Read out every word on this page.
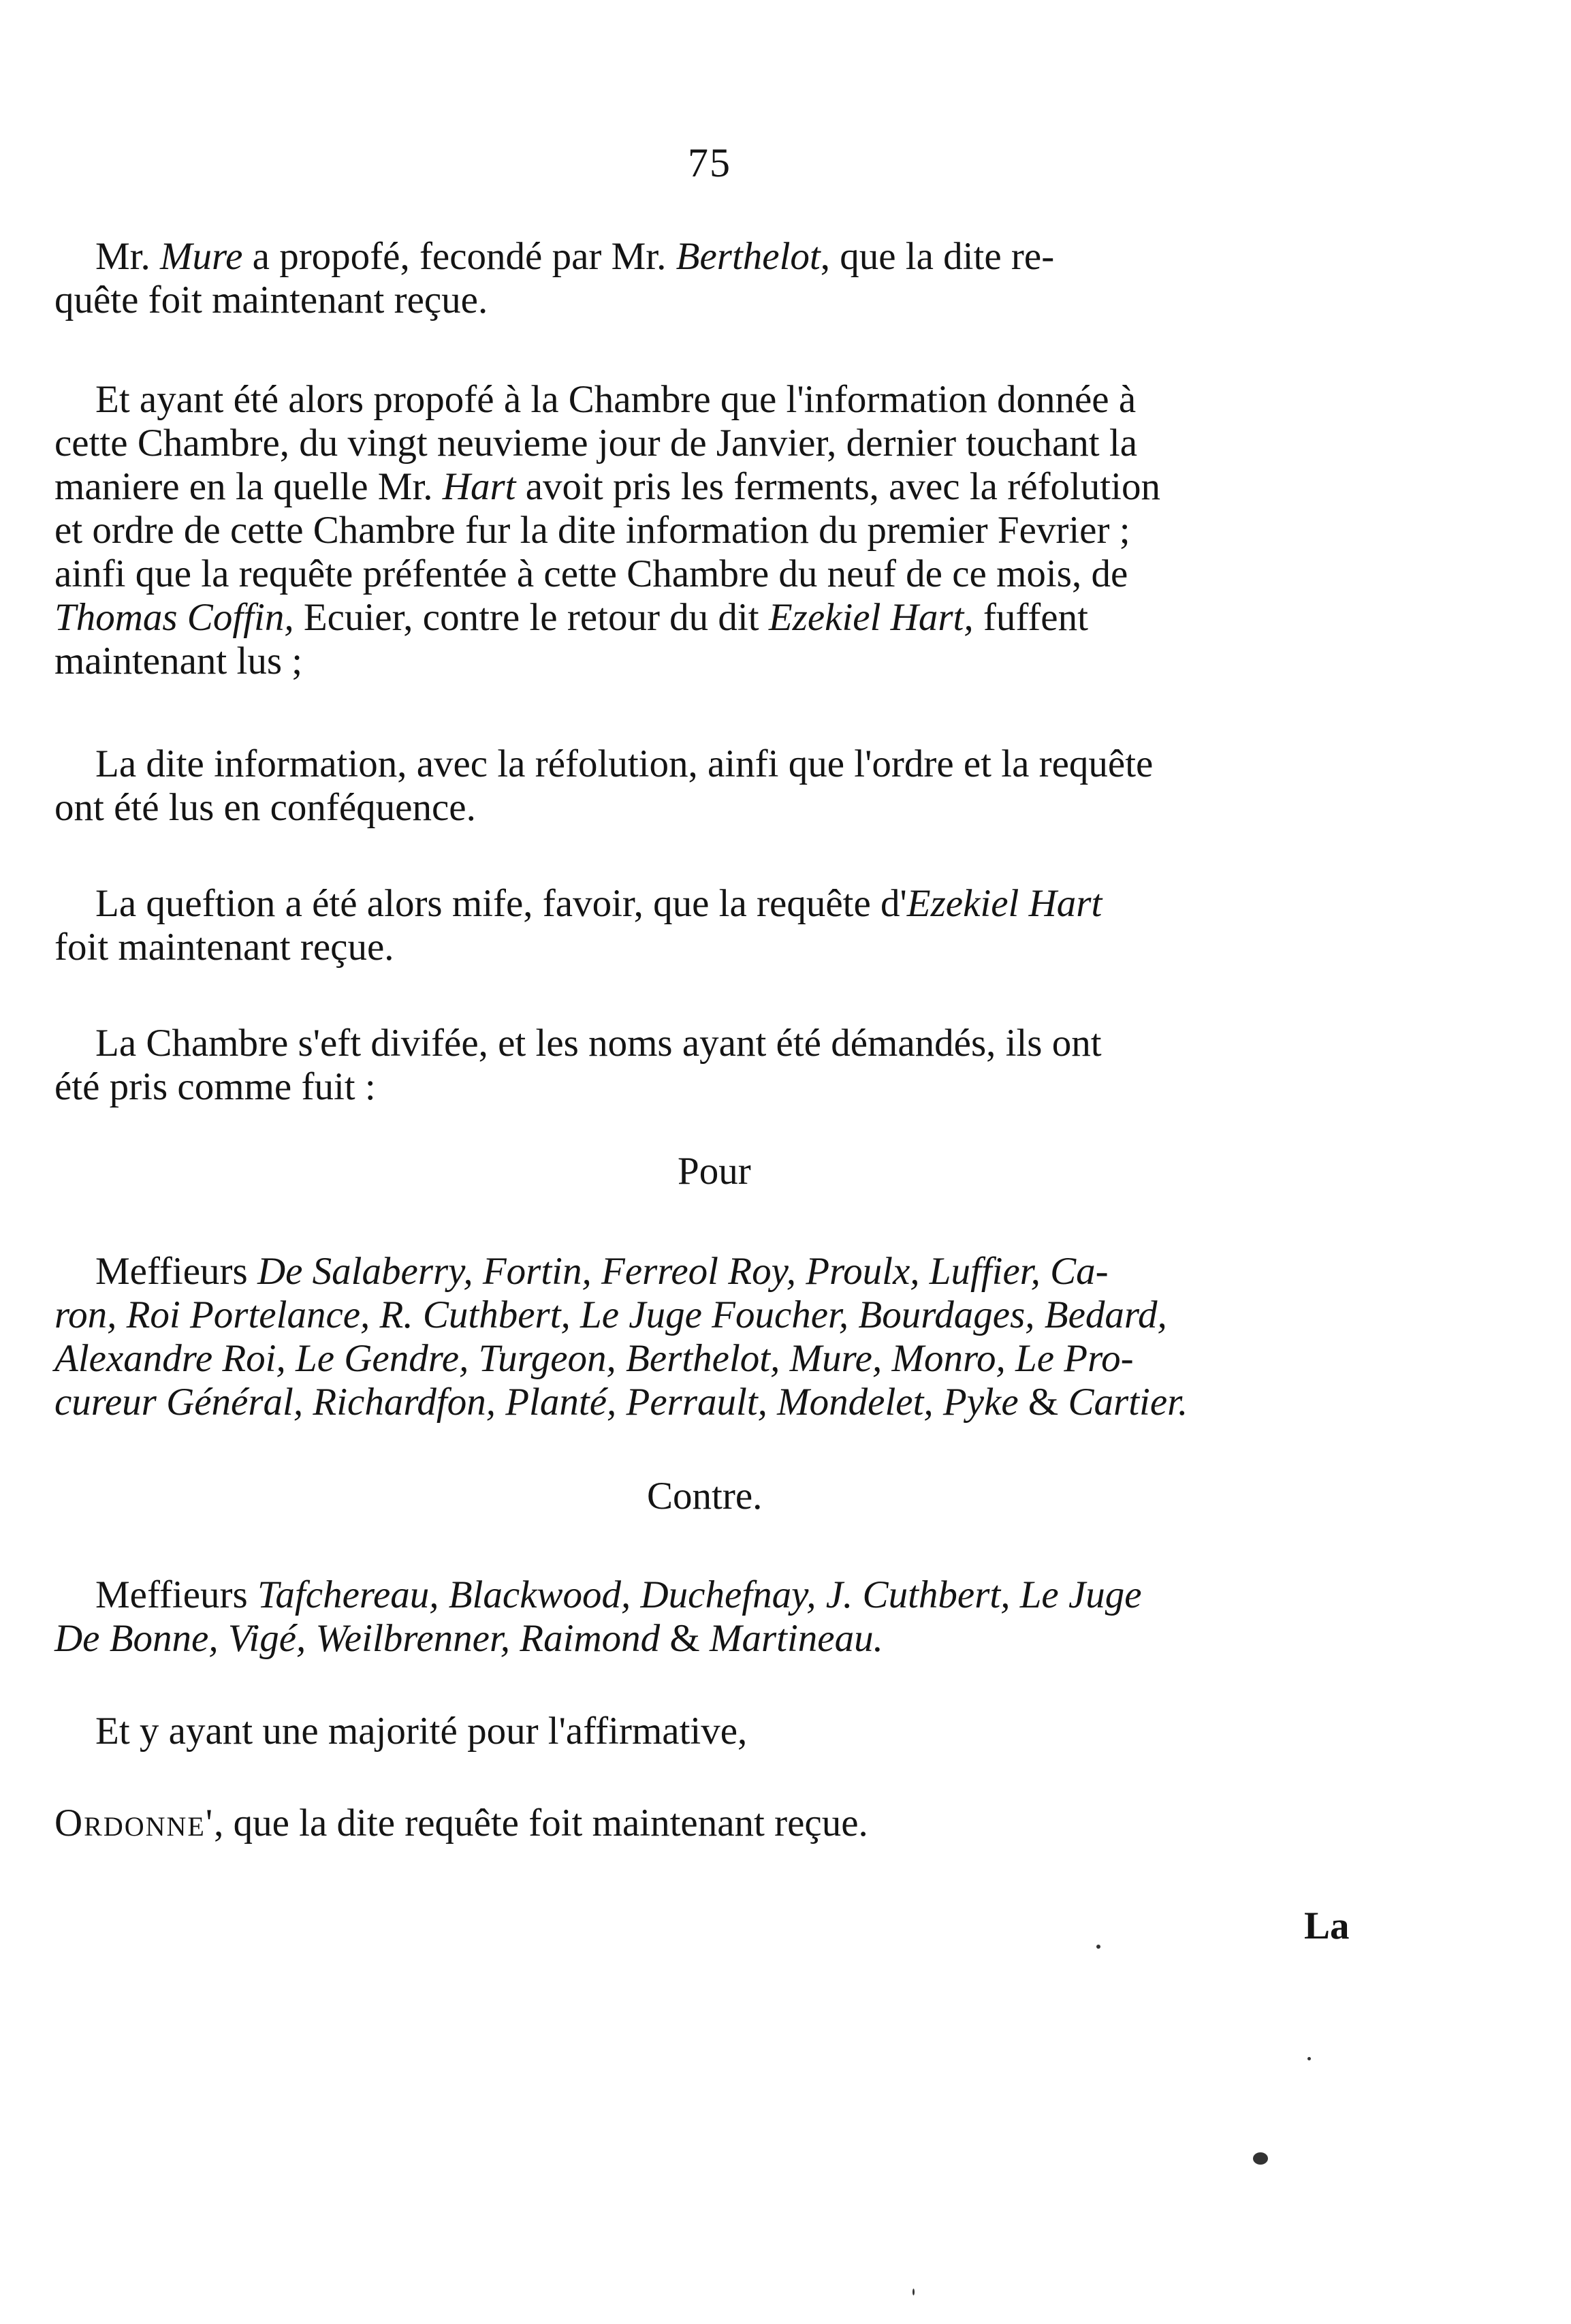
75
Mr. Mure a propofé, fecondé par Mr. Berthelot, que la dite re-
quête foit maintenant reçue.
Et ayant été alors propofé à la Chambre que l'information donnée à
cette Chambre, du vingt neuvieme jour de Janvier, dernier touchant la
maniere en la quelle Mr. Hart avoit pris les ferments, avec la réfolution
et ordre de cette Chambre fur la dite information du premier Fevrier ;
ainfi que la requête préfentée à cette Chambre du neuf de ce mois, de
Thomas Coffin, Ecuier, contre le retour du dit Ezekiel Hart, fuffent
maintenant lus ;
La dite information, avec la réfolution, ainfi que l'ordre et la requête
ont été lus en conféquence.
La queftion a été alors mife, favoir, que la requête d'Ezekiel Hart
foit maintenant reçue.
La Chambre s'eft divifée, et les noms ayant été démandés, ils ont
été pris comme fuit :
Pour
Meffieurs De Salaberry, Fortin, Ferreol Roy, Proulx, Luffier, Ca-
ron, Roi Portelance, R. Cuthbert, Le Juge Foucher, Bourdages, Bedard,
Alexandre Roi, Le Gendre, Turgeon, Berthelot, Mure, Monro, Le Pro-
cureur Général, Richardfon, Planté, Perrault, Mondelet, Pyke & Cartier.
Contre.
Meffieurs Tafchereau, Blackwood, Duchefnay, J. Cuthbert, Le Juge
De Bonne, Vigé, Weilbrenner, Raimond & Martineau.
Et y ayant une majorité pour l'affirmative,
Ordonne', que la dite requête foit maintenant reçue.
La
